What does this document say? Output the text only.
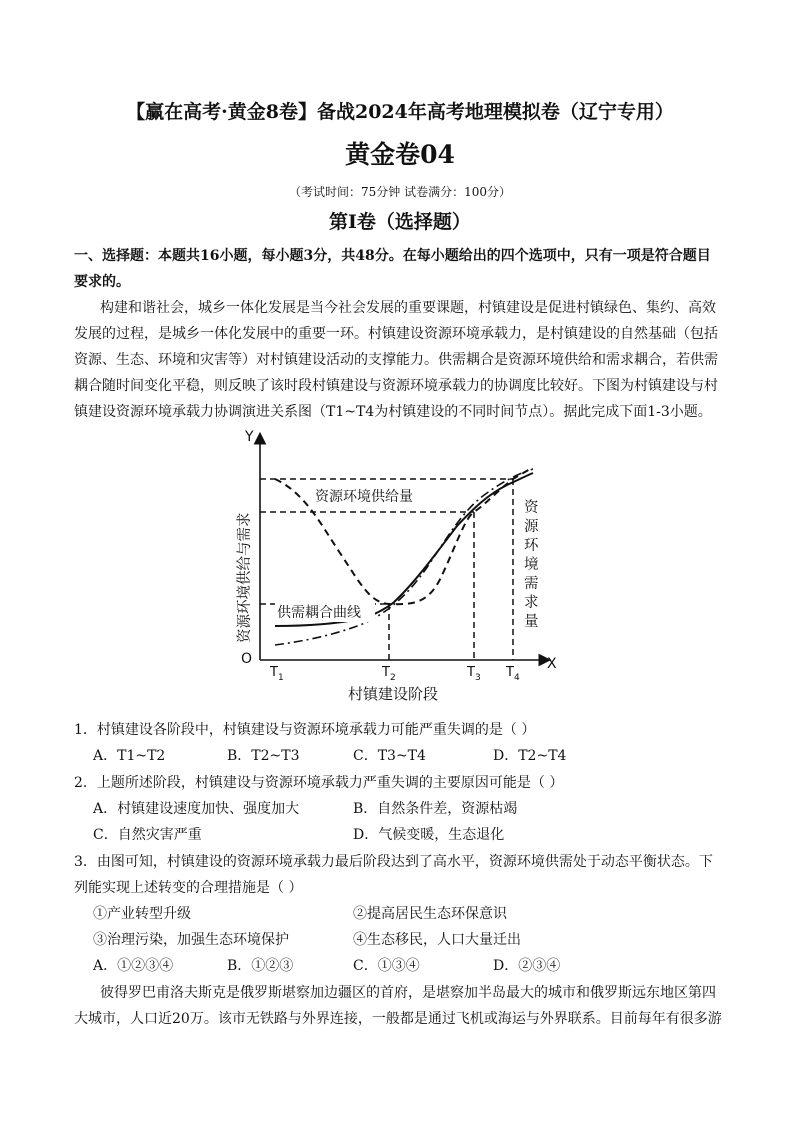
【赢在高考·黄金8卷】备战2024年高考地理模拟卷（辽宁专用）
黄金卷04
（考试时间：75分钟 试卷满分：100分）
第I卷（选择题）
一、选择题：本题共16小题，每小题3分，共48分。在每小题给出的四个选项中，只有一项是符合题目
要求的。
构建和谐社会，城乡一体化发展是当今社会发展的重要课题，村镇建设是促进村镇绿色、集约、高效
发展的过程，是城乡一体化发展中的重要一环。村镇建设资源环境承载力，是村镇建设的自然基础（包括
资源、生态、环境和灾害等）对村镇建设活动的支撑能力。供需耦合是资源环境供给和需求耦合，若供需
耦合随时间变化平稳，则反映了该时段村镇建设与资源环境承载力的协调度比较好。下图为村镇建设与村
镇建设资源环境承载力协调演进关系图（T1~T4为村镇建设的不同时间节点）。据此完成下面1-3小题。
Y
X
O
资源环境供给与需求
资源环境供给量
供需耦合曲线
资
源
环
境
需
求
量
$T_1$	$T_2$	$T_3$ $T_4$
村镇建设阶段
1．村镇建设各阶段中，村镇建设与资源环境承载力可能严重失调的是（ ）
A．T1~T2	B．T2~T3	C．T3~T4	D．T2~T4
2．上题所述阶段，村镇建设与资源环境承载力严重失调的主要原因可能是（ ）
A．村镇建设速度加快、强度加大	B．自然条件差，资源枯竭
C．自然灾害严重	D．气候变暖，生态退化
3．由图可知，村镇建设的资源环境承载力最后阶段达到了高水平，资源环境供需处于动态平衡状态。下
列能实现上述转变的合理措施是（ ）
①产业转型升级	②提高居民生态环保意识
③治理污染，加强生态环境保护	④生态移民，人口大量迁出
A．①②③④	B．①②③	C．①③④	D．②③④
彼得罗巴甫洛夫斯克是俄罗斯堪察加边疆区的首府，是堪察加半岛最大的城市和俄罗斯远东地区第四
大城市，人口近20万。该市无铁路与外界连接，一般都是通过飞机或海运与外界联系。目前每年有很多游
